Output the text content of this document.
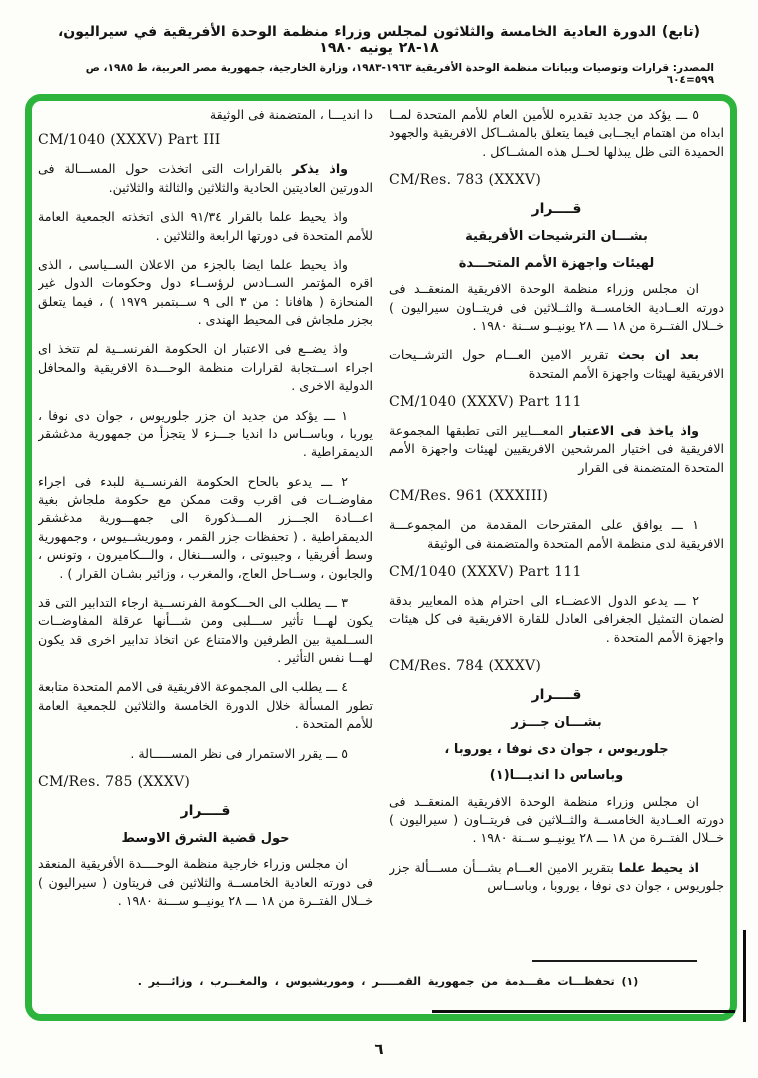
(تابع) الدورة العادية الخامسة والثلاثون لمجلس وزراء منظمة الوحدة الأفريقية في سيراليون، ١٨-٢٨ يونيه ١٩٨٠
المصدر: قرارات وتوصيات وبيانات منظمة الوحدة الأفريقية ١٩٦٣-١٩٨٣، وزارة الخارجية، جمهورية مصر العربية، ط ١٩٨٥، ص ٥٩٩=٦٠٤
٥ ـــ يؤكد من جديد تقديره للأمين العام للأمم المتحدة لمــا ابداه من اهتمام ايجــابى فيما يتعلق بالمشــاكل الافريقية والجهود الحميدة التى ظل يبذلها لحــل هذه المشــاكل .
CM/Res. 783 (XXXV)
قــــرار
بشـــان الترشيحات الأفريقية
لهيئات واجهزة الأمم المتحـــدة
ان مجلس وزراء منظمة الوحدة الافريقية المنعقــد فى دورته العــادية الخامســة والثــلاثين فى فريتــاون سيراليون ) خــلال الفتــرة من ١٨ ـــ ٢٨ يونيــو ســنة ١٩٨٠ .
بعد ان بحث تقرير الامين العـــام حول الترشــيحات الافريقية لهيئات واجهزة الأمم المتحدة
CM/1040 (XXXV) Part 111
واذ ياخذ فى الاعتبار المعـــايير التى تطبقها المجموعة الافريقية فى اختيار المرشحين الافريقيين لهيئات واجهزة الأمم المتحدة المتضمنة فى القرار
CM/Res. 961 (XXXIII)
١ ـــ يوافق على المقترحات المقدمة من المجموعـــة الافريقية لدى منظمة الأمم المتحدة والمتضمنة فى الوثيقة
CM/1040 (XXXV) Part 111
٢ ـــ يدعو الدول الاعضــاء الى احترام هذه المعايير بدقة لضمان التمثيل الجغرافى العادل للقارة الافريقية فى كل هيئات واجهزة الأمم المتحدة .
CM/Res. 784 (XXXV)
قــــرار
بشـــان جـــزر
جلوريوس ، جوان دى نوفا ، يوروبا ،
وباساس دا انديـــا(١)
ان مجلس وزراء منظمة الوحدة الافريقية المنعقــد فى دورته العــادية الخامســة والثــلاثين فى فريتــاون ( سيراليون ) خــلال الفتــرة من ١٨ ـــ ٢٨ يونيــو ســنة ١٩٨٠ .
اذ يحيط علما بتقرير الامين العـــام بشـــأن مســـألة جزر جلوريوس ، جوان دى نوفا ، يوروبا ، وباســاس
دا انديـــا ، المتضمنة فى الوثيقة
CM/1040 (XXXV) Part III
واذ يذكر بالقرارات التى اتخذت حول المســـالة فى الدورتين العاديتين الحادية والثلاثين والثالثة والثلاثين.
واذ يحيط علما بالقرار ٩١/٣٤ الذى اتخذته الجمعية العامة للأمم المتحدة فى دورتها الرابعة والثلاثين .
واذ يحيط علما ايضا بالجزء من الاعلان الســياسى ، الذى اقره المؤتمر الســادس لرؤســاء دول وحكومات الدول غير المنحازة ( هافانا : من ٣ الى ٩ ســبتمبر ١٩٧٩ ) ، فيما يتعلق بجزر ملجاش فى المحيط الهندى .
واذ يضــع فى الاعتبار ان الحكومة الفرنســية لم تتخذ اى اجراء اســتجابة لقرارات منظمة الوحـــدة الافريقية والمحافل الدولية الاخرى .
١ ـــ يؤكد من جديد ان جزر جلوريوس ، جوان دى نوفا ، يوربا ، وباســاس دا انديا جـــزء لا يتجزأ من جمهورية مدغشقر الديمقراطية .
٢ ـــ يدعو بالحاح الحكومة الفرنســية للبدء فى اجراء مفاوضــات فى اقرب وقت ممكن مع حكومة ملجاش بغية اعـــادة الجـــزر المـــذكورة الى جمهـــورية مدغشقر الديمقراطية . ( تحفظات جزر القمر ، وموريشــيوس ، وجمهورية وسط أفريقيا ، وجيبوتى ، والســـنغال ، والـــكاميرون ، وتونس ، والجابون ، وســاحل العاج، والمغرب ، وزائير بشـان القرار ) .
٣ ـــ يطلب الى الحـــكومة الفرنســية ارجاء التدابير التى قد يكون لهـــا تأثير ســـلبى ومن شـــأنها عرقلة المفاوضــات الســلمية بين الطرفين والامتناع عن اتخاذ تدابير اخرى قد يكون لهـــا نفس التأثير .
٤ ـــ يطلب الى المجموعة الافريقية فى الامم المتحدة متابعة تطور المسألة خلال الدورة الخامسة والثلاثين للجمعية العامة للأمم المتحدة .
٥ ـــ يقرر الاستمرار فى نظر المســـــالة .
CM/Res. 785 (XXXV)
قــــرار
حول قضية الشرق الاوسط
ان مجلس وزراء خارجية منظمة الوحــــدة الأفريقية المنعقد فى دورته العادية الخامســة والثلاثين فى فريتاون ( سيراليون ) خــلال الفتــرة من ١٨ ـــ ٢٨ يونيــو ســـنة ١٩٨٠ .
(١) تحفظـــات مقـــدمة من جمهورية القمـــــر ، وموريشيوس ، والمغـــرب ، وزائـــير .
٦
